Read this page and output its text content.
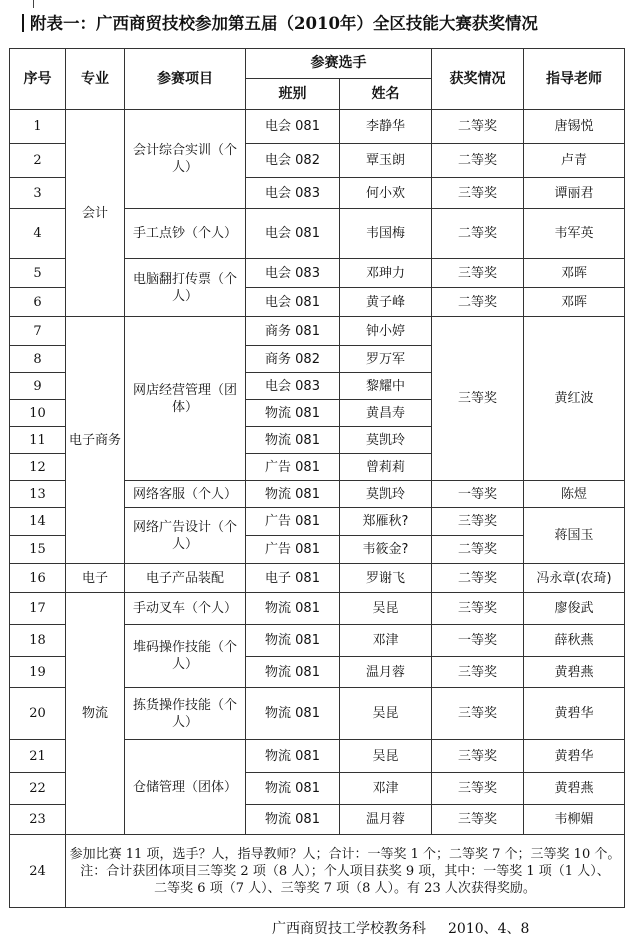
附表一：广西商贸技校参加第五届（2010年）全区技能大赛获奖情况
序号	专业	参赛项目	参赛选手		获奖情况	指导老师
			班别	姓名		
1	会计	会计综合实训（个人）	电会 081	李静华	二等奖	唐锡悦
2			电会 082	覃玉朗	二等奖	卢青
3			电会 083	何小欢	三等奖	谭丽君
4		手工点钞（个人）	电会 081	韦国梅	二等奖	韦军英
5		电脑翻打传票（个人）	电会 083	邓珅力	三等奖	邓晖
6			电会 081	黄子峰	二等奖	邓晖
7	电子商务	网店经营管理（团体）	商务 081	钟小婷	三等奖	黄红波
8			商务 082	罗万军		
9			电会 083	黎耀中		
10			物流 081	黄昌寿		
11			物流 081	莫凯玲		
12			广告 081	曾莉莉		
13		网络客服（个人）	物流 081	莫凯玲	一等奖	陈煜
14		网络广告设计（个人）	广告 081	郑雁秋?	三等奖	蒋国玉
15			广告 081	韦筱金?	二等奖	
16	电子	电子产品装配	电子 081	罗谢飞	二等奖	冯永章(农琦)
17	物流	手动叉车（个人）	物流 081	吴昆	三等奖	廖俊武
18		堆码操作技能（个人）	物流 081	邓津	一等奖	薛秋燕
19			物流 081	温月蓉	三等奖	黄碧燕
20		拣货操作技能（个人）	物流 081	吴昆	三等奖	黄碧华
21		仓储管理（团体）	物流 081	吴昆	三等奖	黄碧华
22			物流 081	邓津	三等奖	黄碧燕
23			物流 081	温月蓉	三等奖	韦柳媚
24	参加比赛 11 项，选手？人，指导教师？人；合计：一等奖 1 个；二等奖 7 个；三等奖 10 个。
注：合计获团体项目三等奖 2 项（8 人）；个人项目获奖 9 项，其中：一等奖 1 项（1 人）、
二等奖 6 项（7 人）、三等奖 7 项（8 人）。有 23 人次获得奖励。					
广西商贸技工学校教务科 2010、4、8
